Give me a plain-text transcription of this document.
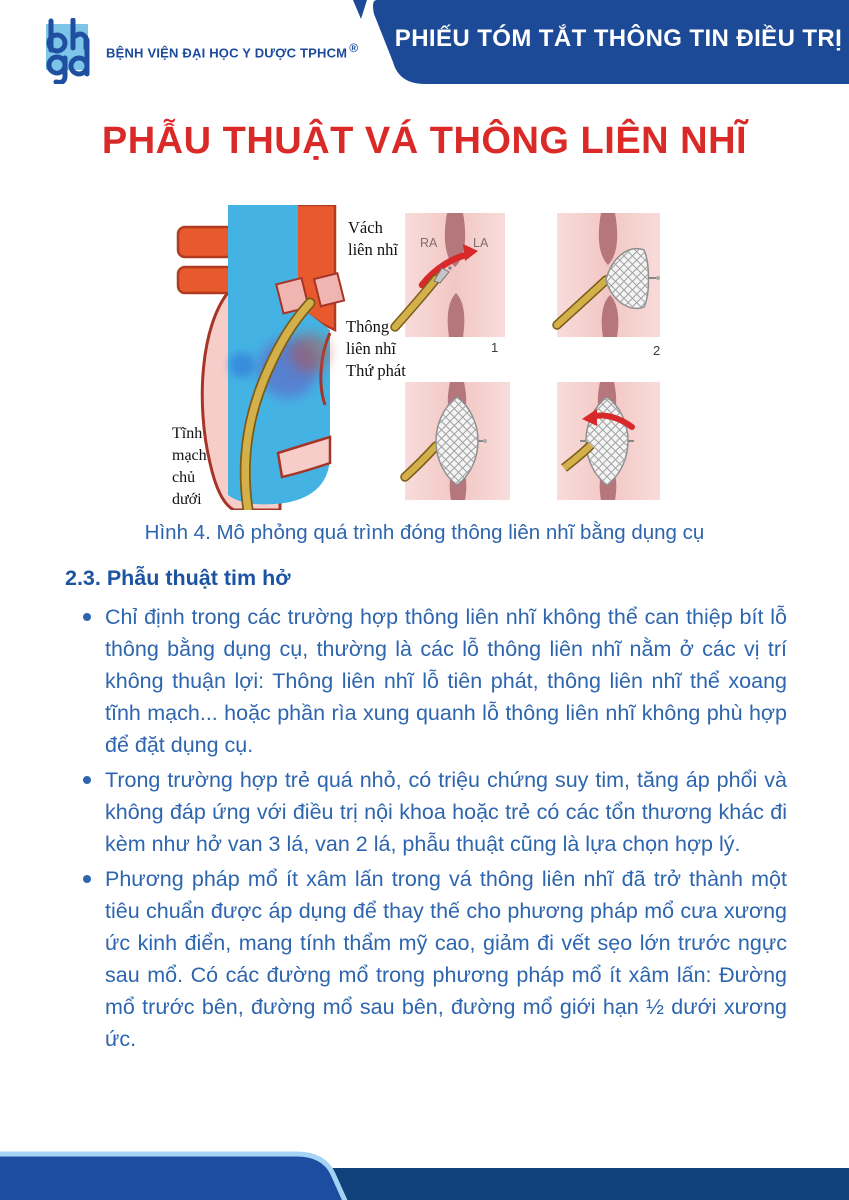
BỆNH VIỆN ĐẠI HỌC Y DƯỢC TPHCM ® PHIẾU TÓM TẮT THÔNG TIN ĐIỀU TRỊ
PHẪU THUẬT VÁ THÔNG LIÊN NHĨ
Vách
liên nhĩ
Thông
liên nhĩ
Thứ phát
Tĩnh
mạch
chủ
dưới
RA	LA
1	2
Hình 4. Mô phỏng quá trình đóng thông liên nhĩ bằng dụng cụ
2.3. Phẫu thuật tim hở
Chỉ định trong các trường hợp thông liên nhĩ không thể can thiệp bít lỗ thông bằng dụng cụ, thường là các lỗ thông liên nhĩ nằm ở các vị trí không thuận lợi: Thông liên nhĩ lỗ tiên phát, thông liên nhĩ thể xoang tĩnh mạch... hoặc phần rìa xung quanh lỗ thông liên nhĩ không phù hợp để đặt dụng cụ.
Trong trường hợp trẻ quá nhỏ, có triệu chứng suy tim, tăng áp phổi và không đáp ứng với điều trị nội khoa hoặc trẻ có các tổn thương khác đi kèm như hở van 3 lá, van 2 lá, phẫu thuật cũng là lựa chọn hợp lý.
Phương pháp mổ ít xâm lấn trong vá thông liên nhĩ đã trở thành một tiêu chuẩn được áp dụng để thay thế cho phương pháp mổ cưa xương ức kinh điển, mang tính thẩm mỹ cao, giảm đi vết sẹo lớn trước ngực sau mổ. Có các đường mổ trong phương pháp mổ ít xâm lấn: Đường mổ trước bên, đường mổ sau bên, đường mổ giới hạn ½ dưới xương ức.
